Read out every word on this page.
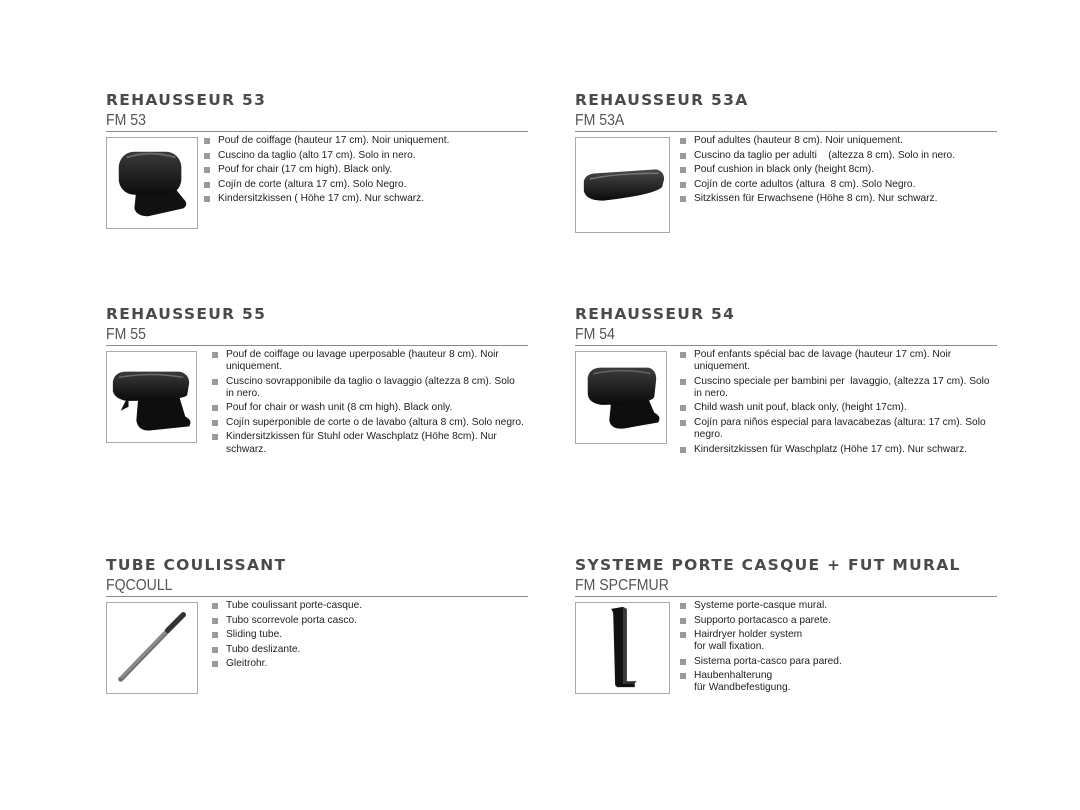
REHAUSSEUR 53
FM 53
Pouf de coiffage (hauteur 17 cm). Noir uniquement.
Cuscino da taglio (alto 17 cm). Solo in nero.
Pouf for chair (17 cm high). Black only.
Cojín de corte (altura 17 cm). Solo Negro.
Kindersitzkissen ( Höhe 17 cm). Nur schwarz.
REHAUSSEUR 53A
FM 53A
Pouf adultes (hauteur 8 cm). Noir uniquement.
Cuscino da taglio per adulti    (altezza 8 cm). Solo in nero.
Pouf cushion in black only (height 8cm).
Cojín de corte adultos (altura  8 cm). Solo Negro.
Sitzkissen für Erwachsene (Höhe 8 cm). Nur schwarz.
REHAUSSEUR 55
FM 55
Pouf de coiffage ou lavage uperposable (hauteur 8 cm). Noir uniquement.
Cuscino sovrapponibile da taglio o lavaggio (altezza 8 cm). Solo in nero.
Pouf for chair or wash unit (8 cm high). Black only.
Cojín superponible de corte o de lavabo (altura 8 cm). Solo negro.
Kindersitzkissen für Stuhl oder Waschplatz (Höhe 8cm). Nur schwarz.
REHAUSSEUR 54
FM 54
Pouf enfants spécial bac de lavage (hauteur 17 cm). Noir uniquement.
Cuscino speciale per bambini per  lavaggio, (altezza 17 cm). Solo in nero.
Child wash unit pouf, black only, (height 17cm).
Cojín para niños especial para lavacabezas (altura: 17 cm). Solo negro.
Kindersitzkissen für Waschplatz (Höhe 17 cm). Nur schwarz.
TUBE COULISSANT
FQCOULL
Tube coulissant porte-casque.
Tubo scorrevole porta casco.
Sliding tube.
Tubo deslizante.
Gleitrohr.
SYSTEME PORTE CASQUE + FUT MURAL
FM SPCFMUR
Systeme porte-casque mural.
Supporto portacasco a parete.
Hairdryer holder system
for wall fixation.
Sistema porta-casco para pared.
Haubenhalterung
für Wandbefestigung.
